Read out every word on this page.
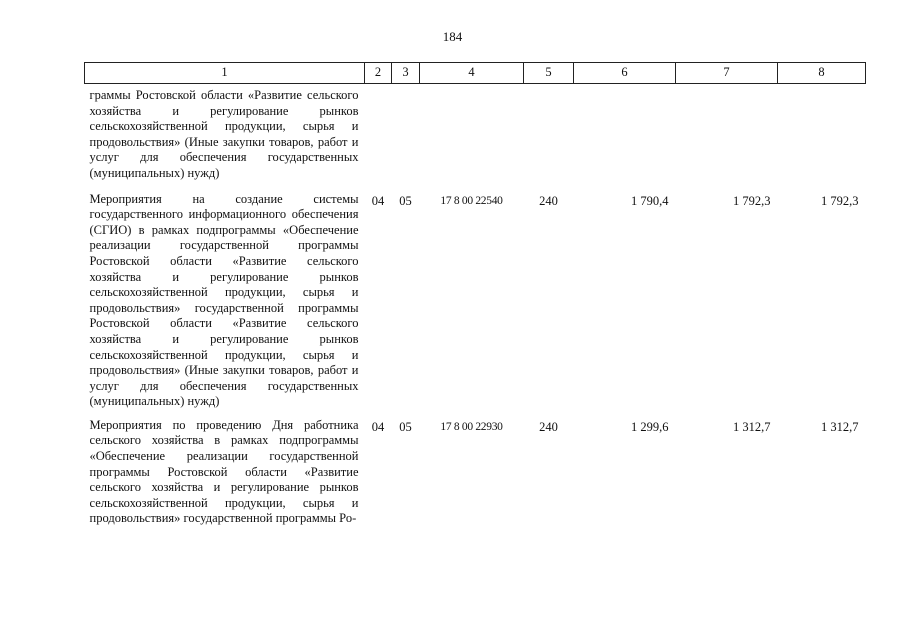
184
1	2	3	4	5	6	7	8
граммы Ростовской области «Развитие сельского хозяйства и регулирование рынков сельскохозяйственной продукции, сырья и продовольствия» (Иные закупки товаров, работ и услуг для обеспечения государственных (муниципальных) нужд)							
Мероприятия на создание системы государственного информационного обеспечения (СГИО) в рамках подпрограммы «Обеспечение реализации государственной программы Ростовской области «Развитие сельского хозяйства и регулирование рынков сельскохозяйственной продукции, сырья и продовольствия» государственной программы Ростовской области «Развитие сельского хозяйства и регулирование рынков сельскохозяйственной продукции, сырья и продовольствия» (Иные закупки товаров, работ и услуг для обеспечения государственных (муниципальных) нужд)	04	05	17 8 00 22540	240	1 790,4	1 792,3	1 792,3
Мероприятия по проведению Дня работника сельского хозяйства в рамках подпрограммы «Обеспечение реализации государственной программы Ростовской области «Развитие сельского хозяйства и регулирование рынков сельскохозяйственной продукции, сырья и продовольствия» государственной программы Ро-	04	05	17 8 00 22930	240	1 299,6	1 312,7	1 312,7
